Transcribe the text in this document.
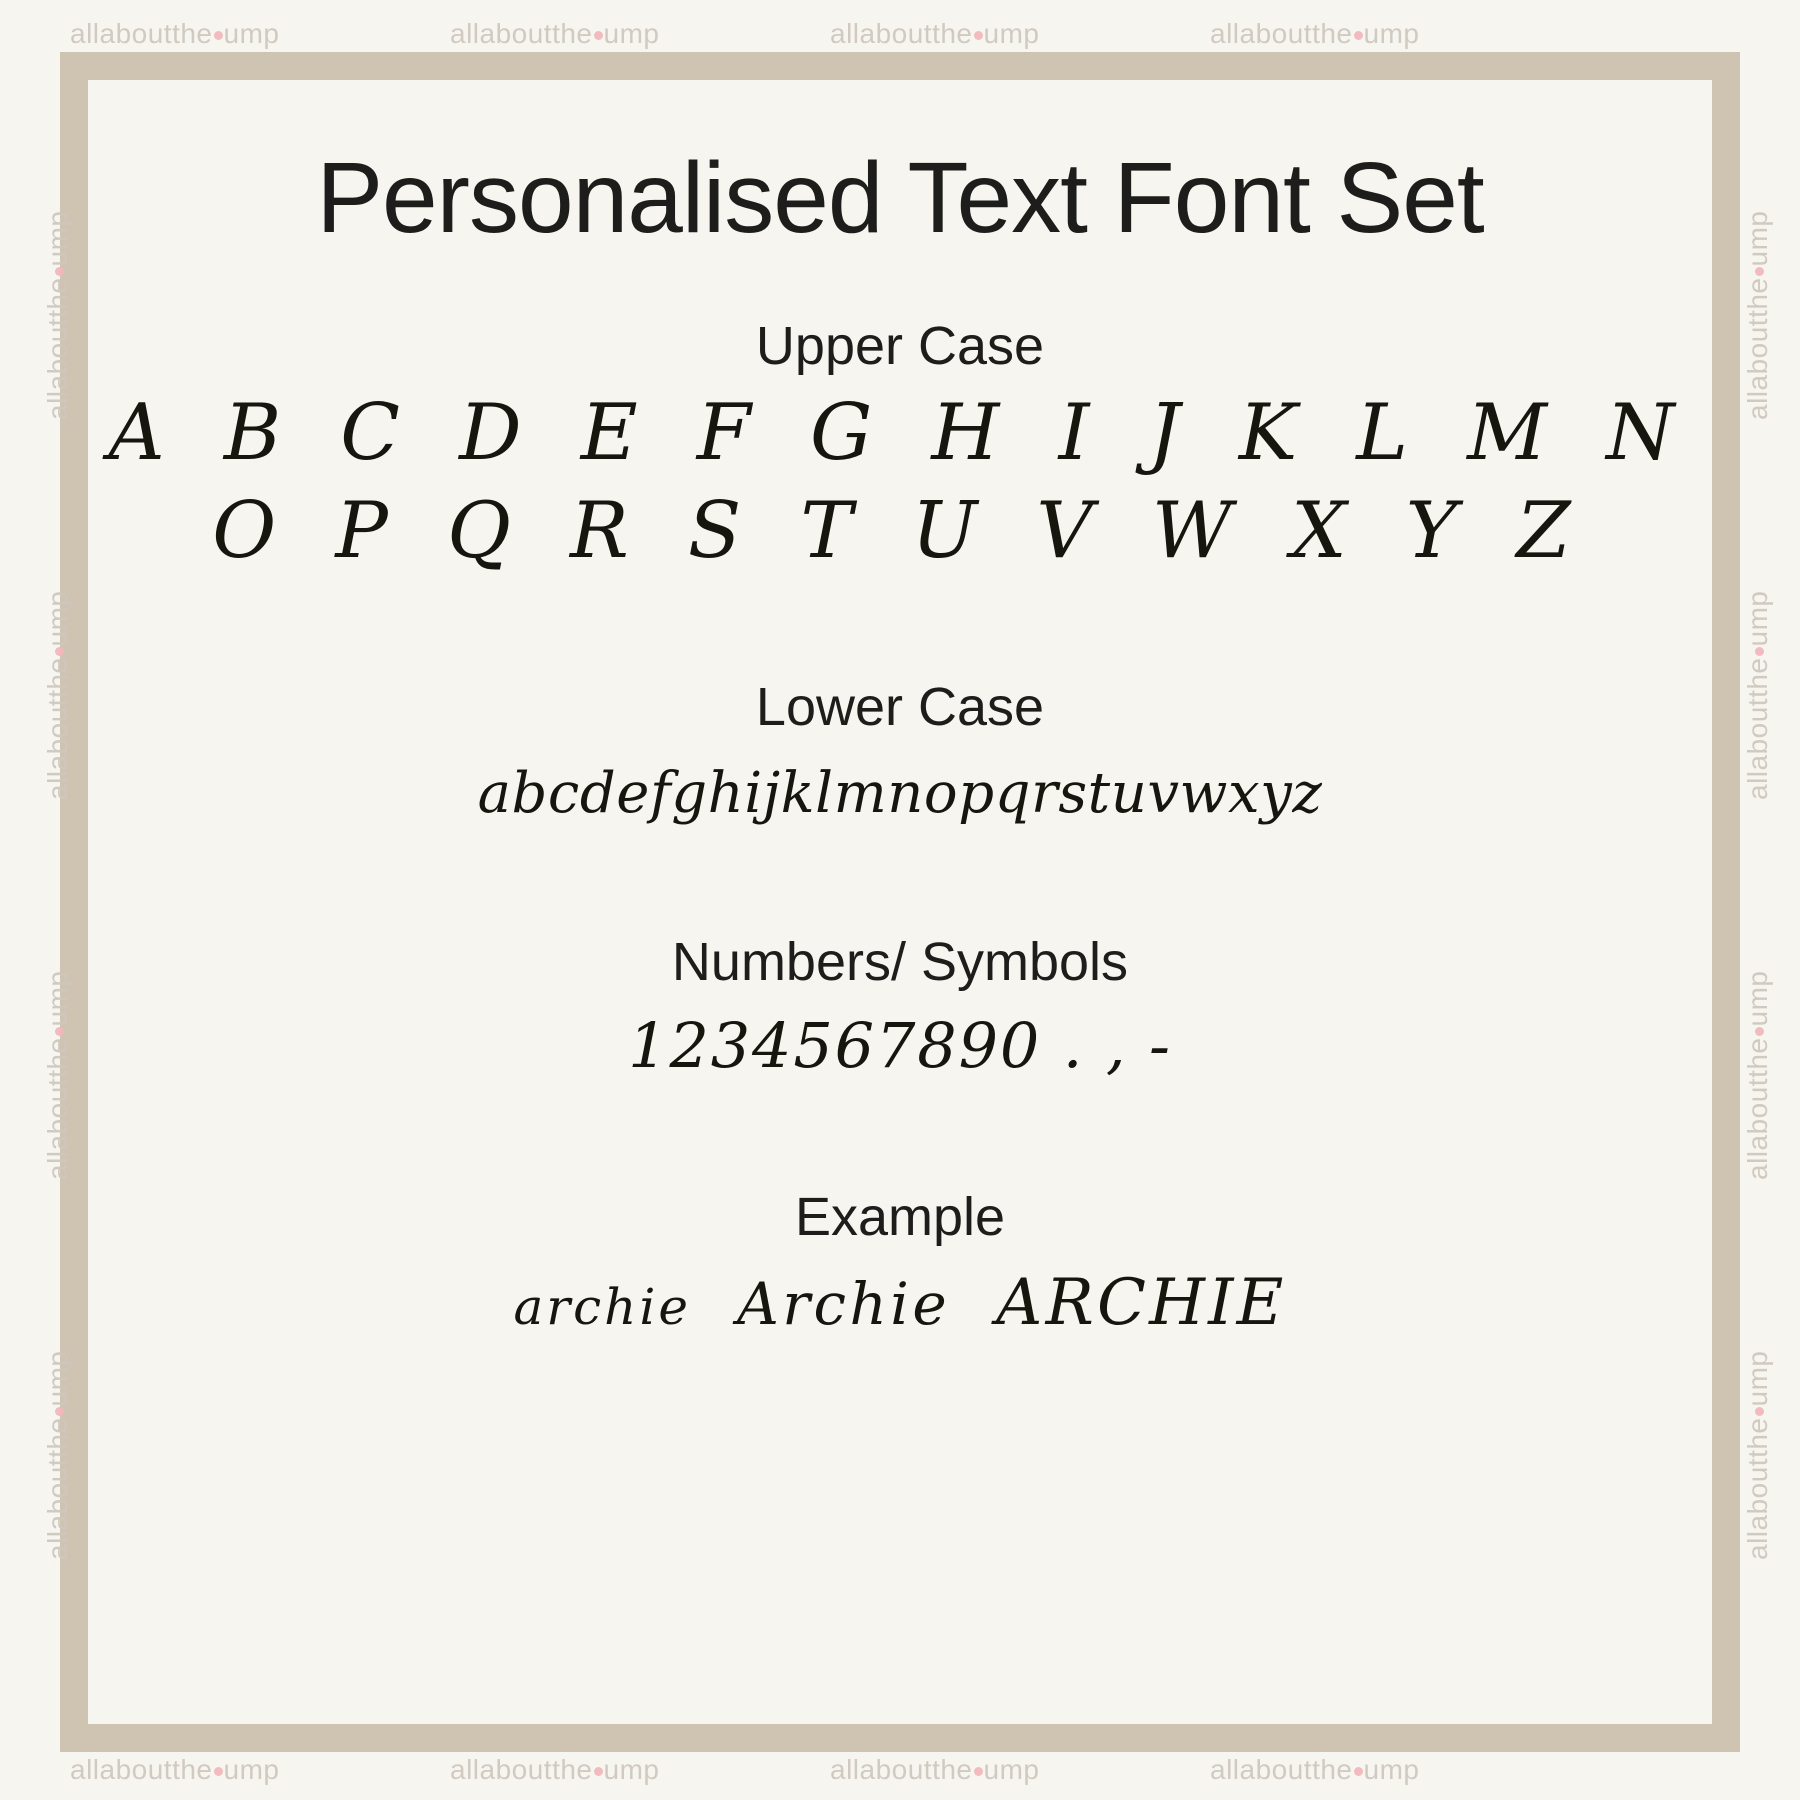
Personalised Text Font Set
Upper Case
A B C D E F G H I J K L M N
O P Q R S T U V W X Y Z
Lower Case
abcdefghijklmnopqrstuvwxyz
Numbers/ Symbols
1234567890 . , -
Example
archie Archie ARCHIE
allaboutthe ump	allaboutthe ump	allaboutthe ump	allaboutthe ump
allaboutthe ump	allaboutthe ump	allaboutthe ump	allaboutthe ump
allabouttheump
allabouttheump
allabouttheump
allabouttheump
allabouttheump
allabouttheump
allabouttheump
allabouttheump
